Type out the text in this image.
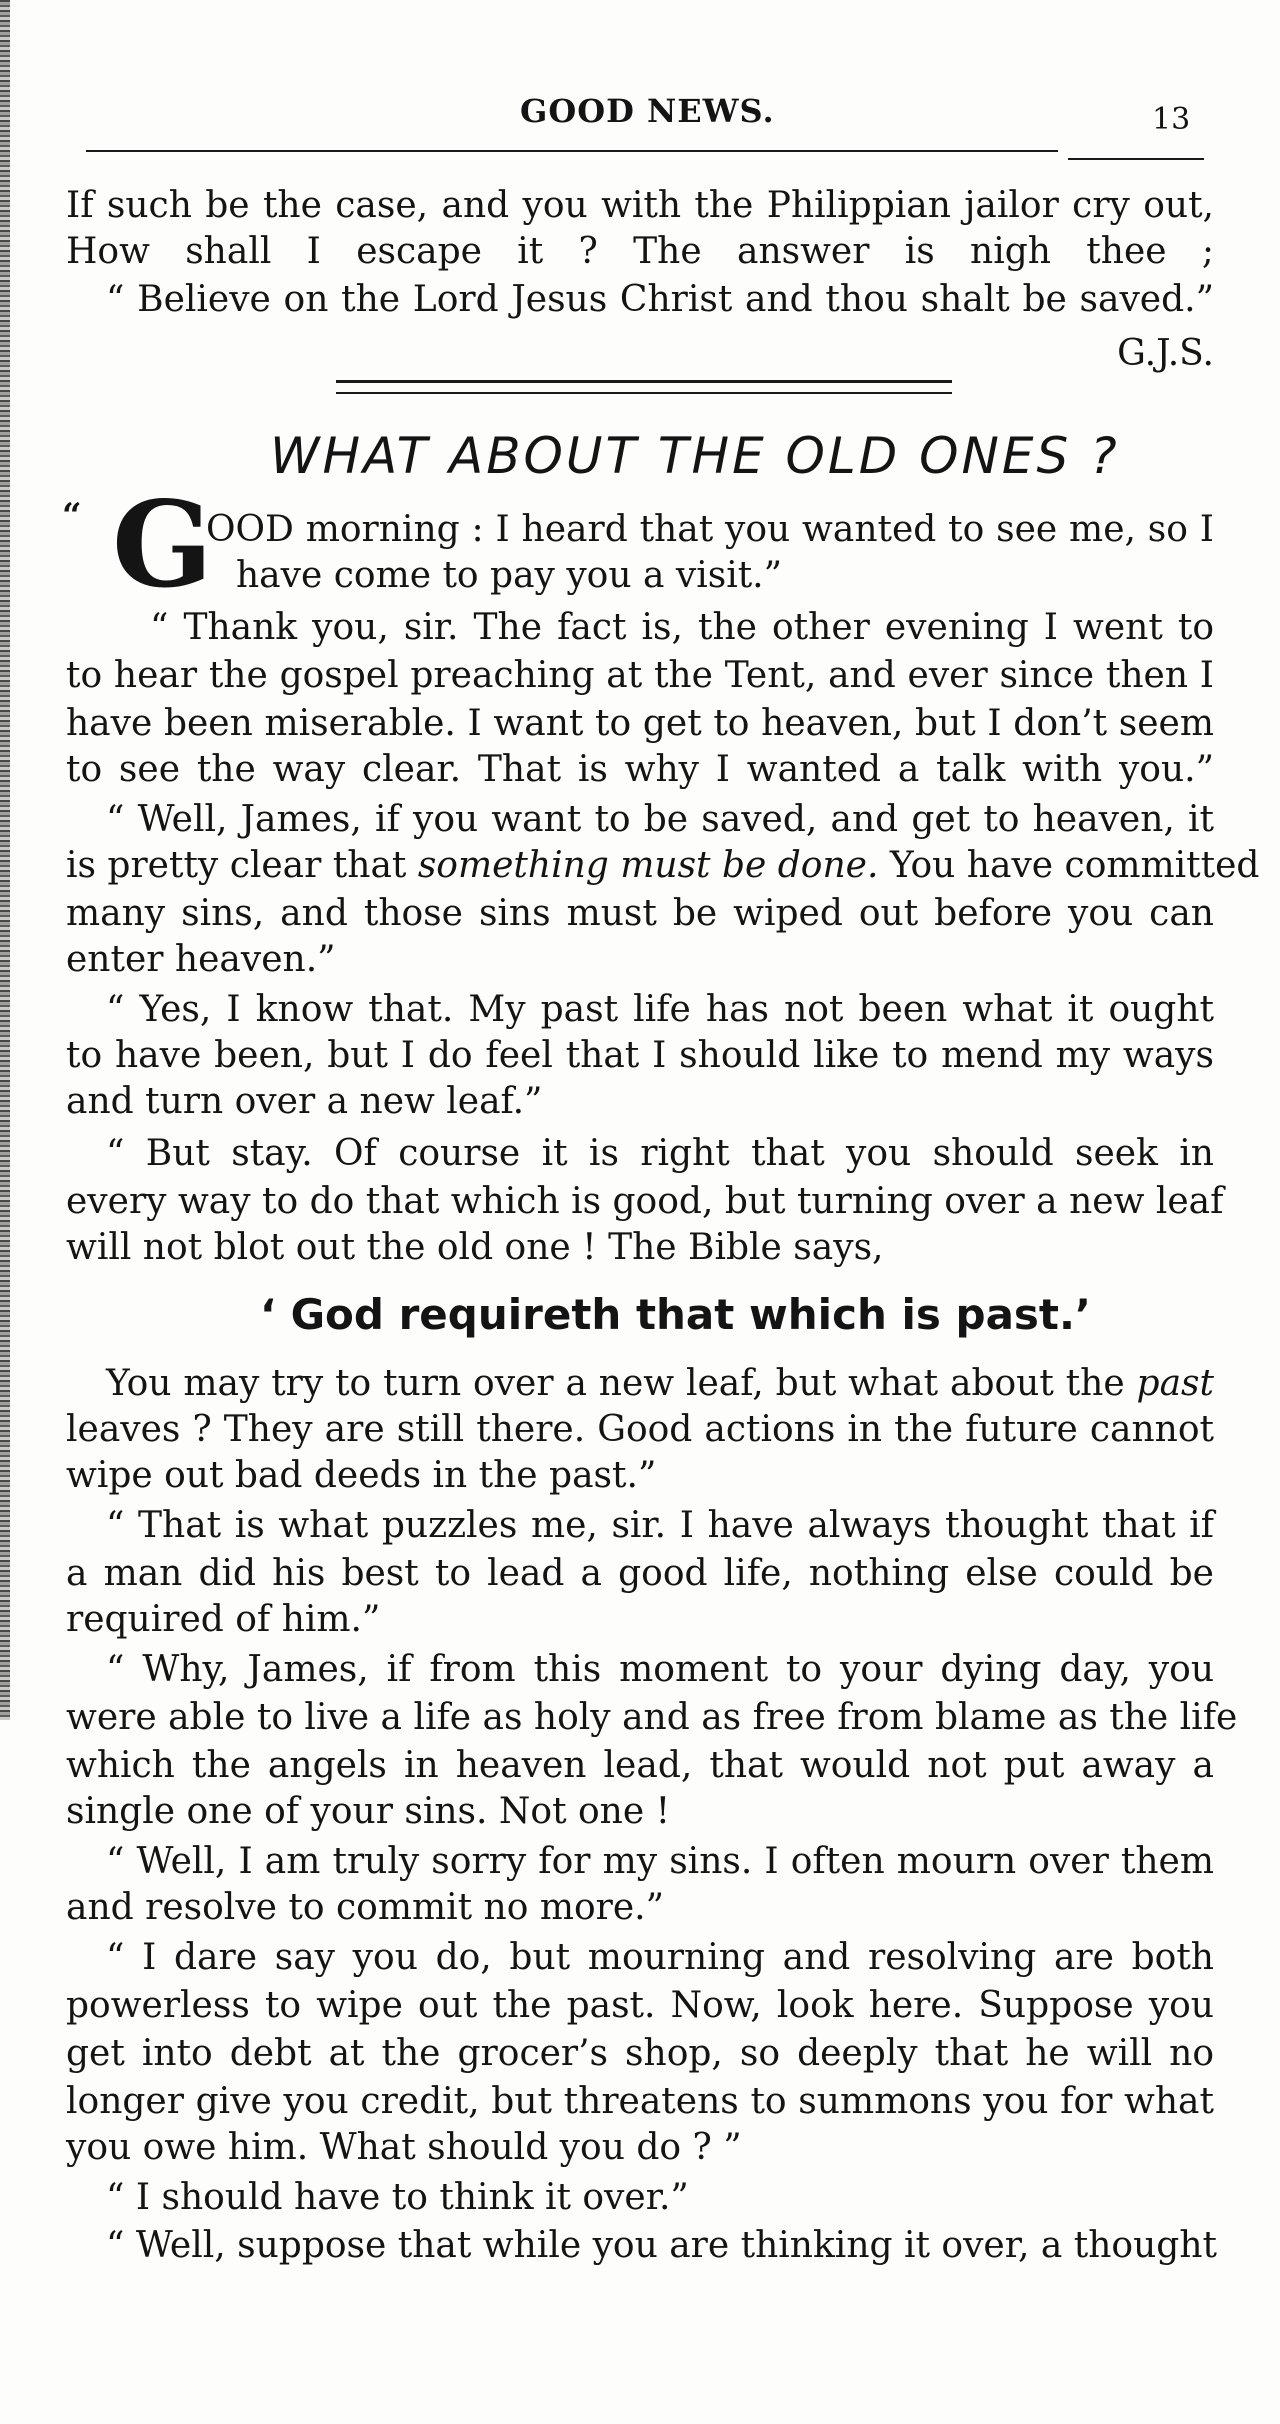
GOOD NEWS.	13
If such be the case, and you with the Philippian jailor cry out,
How shall I escape it ? The answer is nigh thee ;
“ Believe on the Lord Jesus Christ and thou shalt be saved.”
G.J.S.
WHAT ABOUT THE OLD ONES ?
“ G
OOD morning : I heard that you wanted to see me, so I
have come to pay you a visit.”
“ Thank you, sir. The fact is, the other evening I went to
to hear the gospel preaching at the Tent, and ever since then I
have been miserable. I want to get to heaven, but I don’t seem
to see the way clear. That is why I wanted a talk with you.”
“ Well, James, if you want to be saved, and get to heaven, it
is pretty clear that something must be done. You have committed
many sins, and those sins must be wiped out before you can
enter heaven.”
“ Yes, I know that. My past life has not been what it ought
to have been, but I do feel that I should like to mend my ways
and turn over a new leaf.”
“ But stay. Of course it is right that you should seek in
every way to do that which is good, but turning over a new leaf
will not blot out the old one ! The Bible says,
‘ God requireth that which is past.’
You may try to turn over a new leaf, but what about the past
leaves ? They are still there. Good actions in the future cannot
wipe out bad deeds in the past.”
“ That is what puzzles me, sir. I have always thought that if
a man did his best to lead a good life, nothing else could be
required of him.”
“ Why, James, if from this moment to your dying day, you
were able to live a life as holy and as free from blame as the life
which the angels in heaven lead, that would not put away a
single one of your sins. Not one !
“ Well, I am truly sorry for my sins. I often mourn over them
and resolve to commit no more.”
“ I dare say you do, but mourning and resolving are both
powerless to wipe out the past. Now, look here. Suppose you
get into debt at the grocer’s shop, so deeply that he will no
longer give you credit, but threatens to summons you for what
you owe him. What should you do ? ”
“ I should have to think it over.”
“ Well, suppose that while you are thinking it over, a thought
